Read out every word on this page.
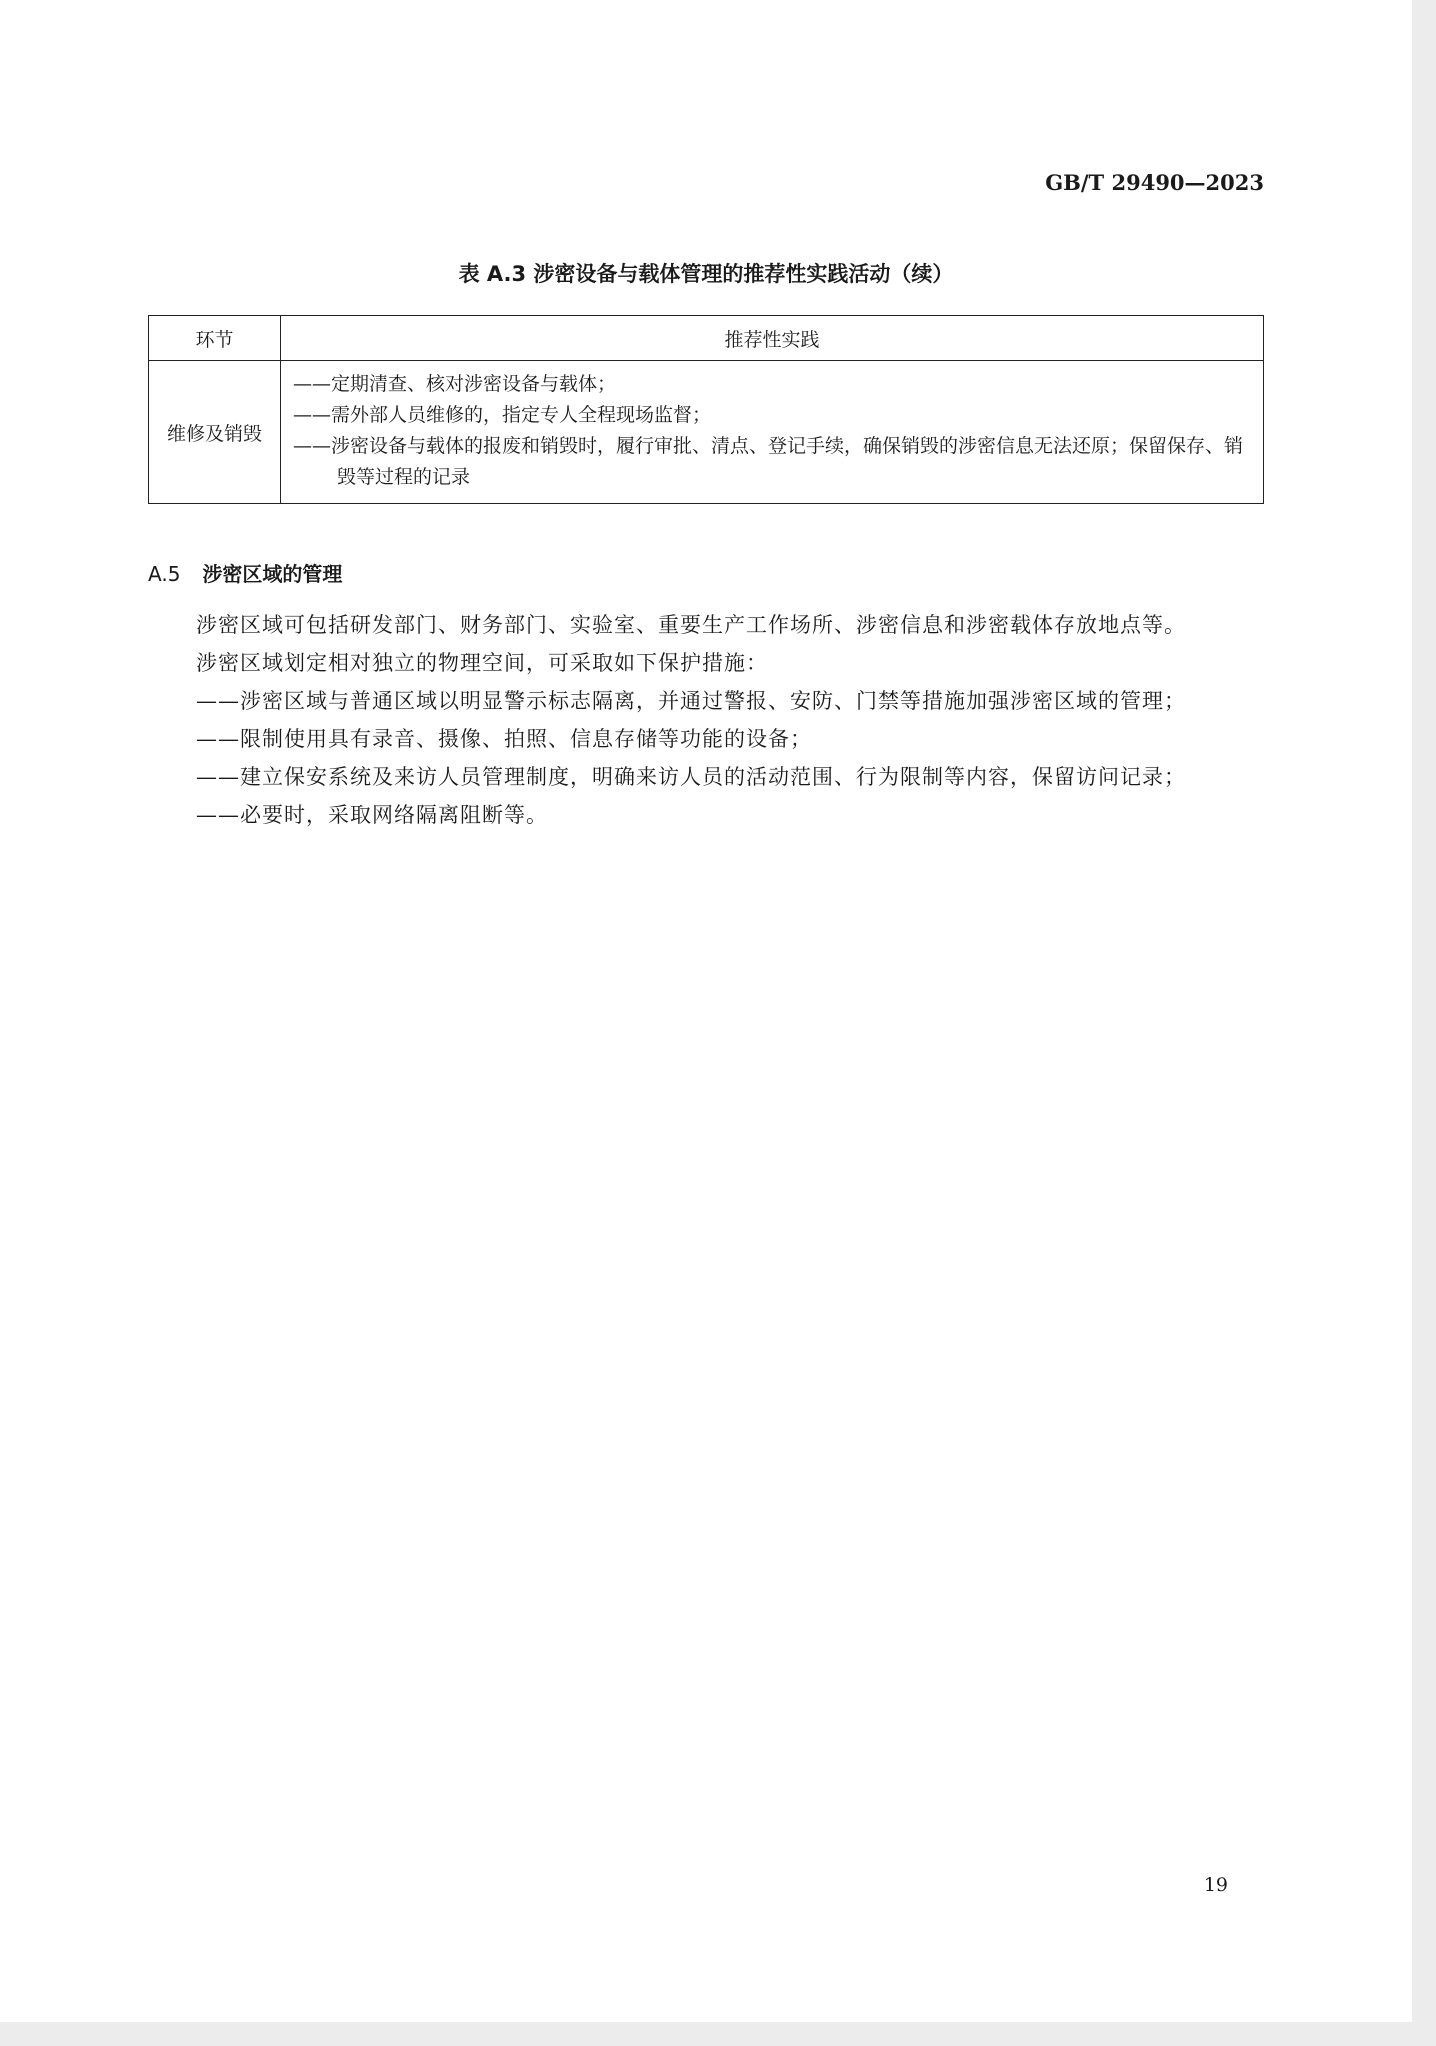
GB/T 29490—2023
表 A.3 涉密设备与载体管理的推荐性实践活动（续）
环节	推荐性实践
维修及销毁	——定期清查、核对涉密设备与载体；
——需外部人员维修的，指定专人全程现场监督；
——涉密设备与载体的报废和销毁时，履行审批、清点、登记手续，确保销毁的涉密信息无法还原；保留保存、销毁等过程的记录
A.5 涉密区域的管理
涉密区域可包括研发部门、财务部门、实验室、重要生产工作场所、涉密信息和涉密载体存放地点等。
涉密区域划定相对独立的物理空间，可采取如下保护措施：
——涉密区域与普通区域以明显警示标志隔离，并通过警报、安防、门禁等措施加强涉密区域的管理；
——限制使用具有录音、摄像、拍照、信息存储等功能的设备；
——建立保安系统及来访人员管理制度，明确来访人员的活动范围、行为限制等内容，保留访问记录；
——必要时，采取网络隔离阻断等。
19
